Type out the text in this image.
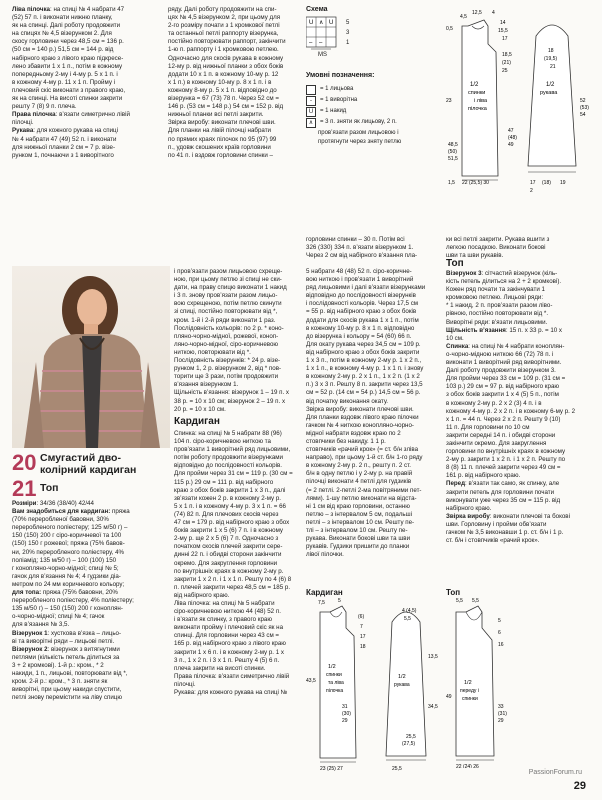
Ліва пілочка: на спиці № 4 набрати 47

(52) 57 п. і виконати нижню планку,

як на спинці. Далі роботу продовжити

на спицях № 4,5 візерунком 2. Для

скосу горловини через 48,5 см = 136 р.

(50 см = 140 р.) 51,5 см = 144 р. від

набірного краю з лівого краю підкресе-

лено збавити 1 х 1 п., потім в кожному

попередньому 2-му і 4-му р. 5 х 1 п. і

в кожному 4-му р. 11 х 1 п. Пройму і

плечовий скіс виконати з правого краю,

як на спинці. На висоті спинки закрити

решту 7 (8) 9 п. плеча.

Права пілочка: в’язати симетрично лівій

пілочці.

Рукава: для кожного рукава на спиці

№ 4 набрати 47 (49) 52 п. і виконати

для нижньої планки 2 см = 7 р. візе-

рунком 1, почнаючи з 1 виворітного

ряду. Далі роботу продовжити на спи-

цях № 4,5 візерунком 2, при цьому для

2-го розміру почати з 1 кромкової петлі

та останньої петлі раппорту візерунка,

постійно повторювати раппорт, закінчити

1-ю п. раппорту і 1 кромковою петлею.

Одночасно для скосів рукава в кожному

12-му р. від нижньої планки з обох боків

додати 10 х 1 п. в кожному 10-му р. 12

х 1 п.) в кожному 10-му р. 8 х 1 п. і в

кожному 8-му р. 5 х 1 п. відповідно до

візерунка = 67 (73) 78 п. Через 52 см =

146 р. (53 см = 148 р.) 54 см = 152 р. від

нижньої планки всі петлі закрити.

Звірка виробу: виконати плечові шви.

Для планки на лівій пілочці набрати

по прямих краях пілочок по 95 (97) 99

п., удовж скошених країв горловини

по 41 п. і вздовж горловини спинки –

Схема
U ∧ U
– –
5
3
1
MS
Умовні позначення:
= 1 лицьова
-	= 1 виворітна
U	= 1 накид
∧	= 3 п. зняти як лицьову, 2 п.
пров’язати разом лицьовою і
протягнути через зняту петлю
1/2
спинки
і ліва
пілочка
1/2
рукава
0,5
4,5
12,5 4
14
15,5
17
18,5
(21)
25
23
48,5
(50)
51,5
47
(48)
49
22 (25,5) 30
1,5
18
(19,5)
21
52
(53)
54
17 (18) 19
2

горловини спинки – 30 п. Потім всі

326 (330) 334 п. в’язати візерунком 1.

Через 2 см від набірного в’язання пла-

ки всі петлі закрити. Рукава вшити з

легкою посадкою. Виконати бокові

шви та шви рукавів.

20 Смугастий дво-
колірний кардиган
21 Топ

Розміри: 34/36 (38/40) 42/44

Вам знадобиться для кардиган: пряжа

(70% переробленої бавовни, 30%

переробленого поліестеру; 125 м/50 г) –

150 (150) 200 г сіро-коричневої та 100

(150) 150 г рожевої; пряжа (75% бавов-

ни, 20% переробленого поліестеру, 4%

поліамід; 135 м/50 г) – 100 (100) 150

г коноплянo-чорно-мідної; спиці № 5;

гачок для в’язання № 4; 4 гудзики діа-

метром по 24 мм коричневого кольору;

для топа: пряжа (75% бавовни, 20%

переробленого поліестеру, 4% поліестеру;

135 м/50 г) – 150 (150) 200 г коноплян-

о-чорно-мідної; спиці № 4; гачок

для в’язання № 3,5.

Візерунок 1: хустковa в’язка – лицьо-

ві та виворітні ряди – лицьові петлі.

Візерунок 2: візерунок з витягнутими

петлями (кількість петель ділиться за

3 + 2 кромкові). 1-й р.: кром., * 2

накиди, 1 п., лицьові, повторювати від *,

кром. 2-й р.: кром., * 3 п. зняти як

виворітні, при цьому накиди спустити,

петлі знову перемістити на ліву спицю

і пров’язати разом лицьовою схреще-

ною, при цьому петлю зі спиці не ски-

дати, на праву спицю виконати 1 накид

і 3 п. знову пров’язати разом лицьо-

вою схрещеною, потім петлю скинути

зі спиці, постійно повторювати від *,

кром. 1-й і 2-й ряди виконати 1 раз.

Послідовність кольорів: по 2 р. * коно-

плянo-чорно-мідної, рожевої, коноп-

лянo-чорно-мідної, сіро-коричневою

ниткою, повторювати від *.

Послідовність візерунків: * 24 р. візе-

рунком 1, 2 р. візерунком 2, від * пов-

торити ще 3 рази, потім продовжити

в’язання візерунком 1.

Щільність в’язання: візерунок 1 – 19 п. х

38 р. = 10 х 10 см; візерунок 2 – 19 п. х

20 р. = 10 х 10 см.

Кардиган

Спинка: на спиці № 5 набрати 88 (96)

104 п. сіро-коричневою ниткою та

пров’язати 1 виворітний ряд лицьовими,

потім роботу продовжити візерунками

відповідно до послідовності кольорів.

Для пройми через 31 см = 119 р. (30 см =

115 р.) 29 см = 111 р. від набірного

краю з обох боків закрити 1 х 3 п., далі

зв’язати кожен 2 р. в кожному 2-му р.

5 х 1 п. і в кожному 4-му р. 3 х 1 п. = 66

(74) 82 п. Для плечових скосів через

47 см = 179 р. від набірного краю з обох

боків закрити 1 х 5 (6) 7 п. і в кожному

2-му р. ще 2 х 5 (6) 7 п. Одночасно з

початком скосів плечей закрити сере-

динні 22 п. і обидві сторони закінчити

окремо. Для закруглення горловини

по внутрішніх краях в кожному 2-му р.

закрити 1 х 2 п. і 1 х 1 п. Решту по 4 (6) 8

п. плечей закрити через 48,5 см = 185 р.

від набірного краю.

Ліва пілочка: на спиці № 5 набрати

сіро-коричневою ниткою 44 (48) 52 п.

і в’язати як спинку, з правого краю

виконати пройму і плечовий скіс як на

спинці. Для горловини через 43 см =

165 р. від набірного краю з лівого краю

закрити 1 х 6 п. і в кожному 2-му р. 1 х

3 п., 1 х 2 п. і 3 х 1 п. Решту 4 (5) 6 п.

плеча закрити на висоті спинки.

Права пілочка: в’язати симетрично лівій

пілочці.

Рукава: для кожного рукава на спиці №

5 набрати 48 (48) 52 п. сіро-коричне-

вою ниткою і пров’язати 1 виворітний

ряд лицьовими і далі в’язати візерунками

відповідно до послідовності візерунків

і послідовності кольорів. Через 17,5 см

= 55 р. від набірного краю з обох боків

додати для скосів рукава 1 х 1 п., потім

в кожному 10-му р. 8 х 1 п. відповідно

до візерунка і кольору = 54 (60) 66 п.

Для окату рукава через 34,5 см = 109 р.

від набірного краю з обох боків закрити

1 х 3 п., потім в кожному 2-му р. 1 х 2 п.,

1 х 1 п., в кожному 4-му р. 1 х 1 п. і знову

в кожному 2-му р. 2 х 1 п., 1 х 2 п. (1 х 2

п.) 3 х 3 п. Решту 8 п. закрити через 13,5

см = 52 р. (14 см = 54 р.) 14,5 см = 56 р.

від початку виконання окату.

Звірка виробу: виконати плечові шви.

Для планки вздовж лівого краю пілочки

гачком № 4 ниткою конопляно-чорно-

мідної набрати вздовж краю по 2

стовпчики без накиду. 1 1 р.

стовпчиків «рачий крок» (= ст. б/н зліва

направо), при цьому 1-й ст. б/н 1-го ряду

в кожному 2-му р. 2 п., решту п. 2 ст.

б/н в одну петлю і у 2-му р. на правій

пілочці виконати 4 петлі для гудзиків

(= 2 петлі. 2-петлі 2-ма повітряними пет-

лями). 1-шу петлю виконати на відста-

ні 1 см від краю горловини, останню

петлю – з інтервалом 5 см, подальші

петлі – з інтервалом 10 см. Решту пе-

тлі – з інтервалом 10 см. Решту пе-

рукава. Виконати бокові шви та шви

рукавів. Гудзики пришити до планки

лівої пілочки.

Топ

Візерунок 3: сітчастий візерунок (кіль-

кість петель ділиться на 2 + 2 кромкові).

Кожен ряд почати та закінчувати 1

кромковою петлею. Лицьові ряди:

* 1 накид, 2 п. пров’язати разом ліво-

рівною, постійно повторювати від *.

Виворітні ряди: в’язати лицьовими.

Щільність в’язання: 15 п. х 33 р. = 10 х

10 см.

Спинка: на спиці № 4 набрати коноплян-

о-чорно-мідною ниткою 66 (72) 78 п. і

виконати 1 виворітний ряд виворітними.

Далі роботу продовжити візерунком 3.

Для пройми через 33 см = 109 р. (31 см =

103 р.) 29 см = 97 р. від набірного краю

з обох боків закрити 1 х 4 (5) 5 п., потім

в кожному 2-му р. 2 х 2 (3) 4 п. і в

кожному 4-му р. 2 х 2 п. і в кожному 6-му р. 2

х 1 п. = 44 п. Через 2 х 2 п. Решту 9 (10)

11 п. Для горловини по 10 см

закрити середні 14 п. і обидві сторони

закінчити окремо. Для закруглення

горловини по внутрішніх краях в кожному

2-му р. закрити 1 х 2 п. і 1 х 2 п. Решту по

8 (8) 11 п. плечей закрити через 49 см =

161 р. від набірного краю.

Перед: в’язати так само, як спинку, але

закрити петель для горловини почати

виконувати уже через 35 см = 115 р. від

набірного краю.

Звірка виробу: виконати плечові та бокові

шви. Горловину і пройми обв’язати

гачком № 3,5 виконавши 1 р. ст. б/н і 1 р.

ст. б/н і стовпчиків «рачий крок».

Кардиган
1/2
спинки
та ліва
пілочка
1/2
рукава
43,5
31
(30)
29
7,5	5
(6)
7
17
18
4 (4,5)
5,5
13,5
34,5
25,5
(27,5)
23 (25) 27	25,5
Топ
1/2
переду і
спинки
5,5 5,5
5
6
16
33
(31)
29
49
22 (24) 26
PassionForum.ru
29
